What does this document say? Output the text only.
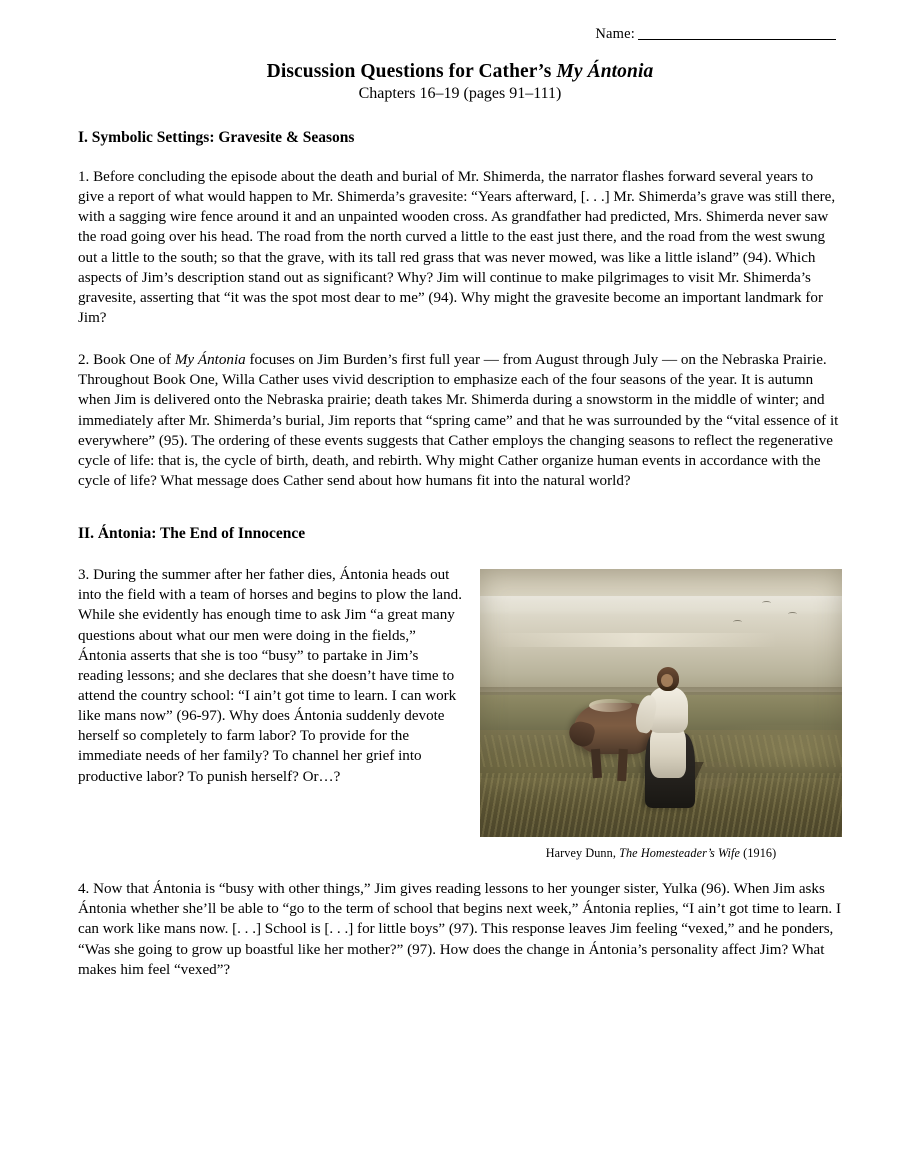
Name:
Discussion Questions for Cather’s My Ántonia
Chapters 16–19 (pages 91–111)
I. Symbolic Settings: Gravesite & Seasons

1. Before concluding the episode about the death and burial of Mr. Shimerda, the narrator flashes forward several years to give a report of what would happen to Mr. Shimerda’s gravesite: “Years afterward, [. . .] Mr. Shimerda’s grave was still there, with a sagging wire fence around it and an unpainted wooden cross. As grandfather had predicted, Mrs. Shimerda never saw the road going over his head. The road from the north curved a little to the east just there, and the road from the west swung out a little to the south; so that the grave, with its tall red grass that was never mowed, was like a little island” (94). Which aspects of Jim’s description stand out as significant? Why? Jim will continue to make pilgrimages to visit Mr. Shimerda’s gravesite, asserting that “it was the spot most dear to me” (94). Why might the gravesite become an important landmark for Jim?

2. Book One of My Ántonia focuses on Jim Burden’s first full year — from August through July — on the Nebraska Prairie. Throughout Book One, Willa Cather uses vivid description to emphasize each of the four seasons of the year. It is autumn when Jim is delivered onto the Nebraska prairie; death takes Mr. Shimerda during a snowstorm in the middle of winter; and immediately after Mr. Shimerda’s burial, Jim reports that “spring came” and that he was surrounded by the “vital essence of it everywhere” (95). The ordering of these events suggests that Cather employs the changing seasons to reflect the regenerative cycle of life: that is, the cycle of birth, death, and rebirth. Why might Cather organize human events in accordance with the cycle of life? What message does Cather send about how humans fit into the natural world?

II. Ántonia: The End of Innocence
Harvey Dunn, The Homesteader’s Wife (1916)

3. During the summer after her father dies, Ántonia heads out into the field with a team of horses and begins to plow the land. While she evidently has enough time to ask Jim “a great many questions about what our men were doing in the fields,” Ántonia asserts that she is too “busy” to partake in Jim’s reading lessons; and she declares that she doesn’t have time to attend the country school: “I ain’t got time to learn. I can work like mans now” (96-97). Why does Ántonia suddenly devote herself so completely to farm labor? To provide for the immediate needs of her family? To channel her grief into productive labor? To punish herself? Or…?

4. Now that Ántonia is “busy with other things,” Jim gives reading lessons to her younger sister, Yulka (96). When Jim asks Ántonia whether she’ll be able to “go to the term of school that begins next week,” Ántonia replies, “I ain’t got time to learn. I can work like mans now. [. . .] School is [. . .] for little boys” (97). This response leaves Jim feeling “vexed,” and he ponders, “Was she going to grow up boastful like her mother?” (97). How does the change in Ántonia’s personality affect Jim? What makes him feel “vexed”?
